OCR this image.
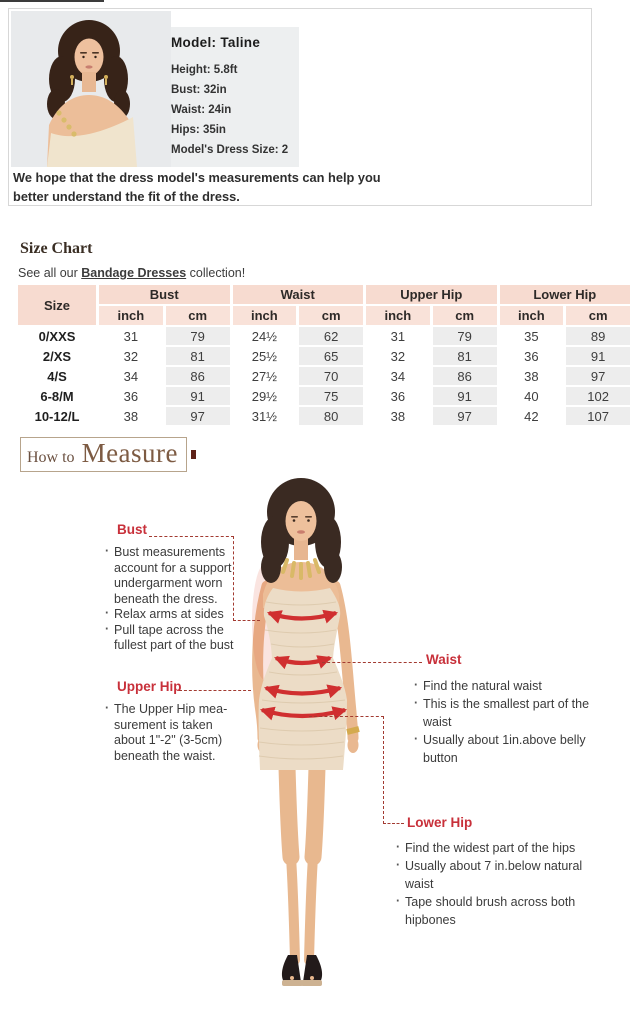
Model: Taline
Height: 5.8ft
Bust: 32in
Waist: 24in
Hips: 35in
Model's Dress Size: 2
We hope that the dress model's measurements can help you better understand the fit of the dress.
Size Chart
See all our Bandage Dresses collection!
Size
Bust	Waist	Upper Hip	Lower Hip
inch	cm	inch	cm	inch	cm	inch	cm
0/XXS	31	79	24½	62	31	79	35	89
2/XS	32	81	25½	65	32	81	36	91
4/S	34	86	27½	70	34	86	38	97
6-8/M	36	91	29½	75	36	91	40	102
10-12/L	38	97	31½	80	38	97	42	107
How to Measure
Bust
· Bust measurements account for a support undergarment worn beneath the dress.
· Relax arms at sides
· Pull tape across the fullest part of the bust
Upper Hip
· The Upper Hip mea-surement is taken about 1"-2" (3-5cm) beneath the waist.
Waist
· Find the natural waist
· This is the smallest part of the waist
· Usually about 1in.above belly button
Lower Hip
· Find the widest part of the hips
· Usually about 7 in.below natural waist
· Tape should brush across both hipbones
